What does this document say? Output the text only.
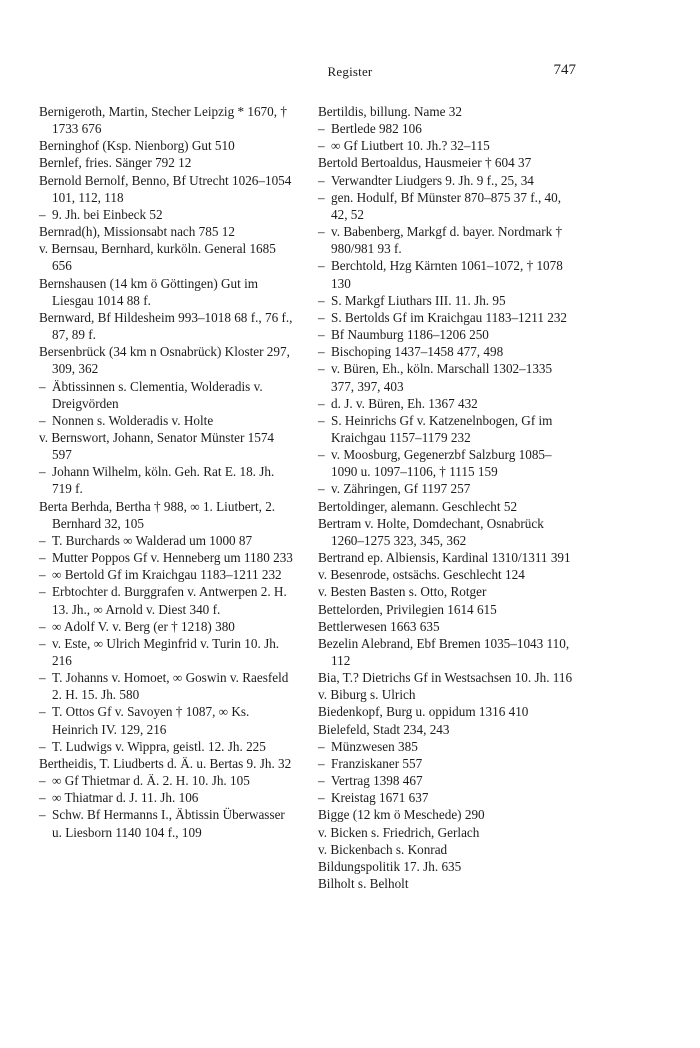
Register	747
Bernigeroth, Martin, Stecher Leipzig * 1670, † 1733 676
Berninghof (Ksp. Nienborg) Gut 510
Bernlef, fries. Sänger 792 12
Bernold Bernolf, Benno, Bf Utrecht 1026–1054 101, 112, 118
– 9. Jh. bei Einbeck 52
Bernrad(h), Missionsabt nach 785 12
v. Bernsau, Bernhard, kurköln. General 1685 656
Bernshausen (14 km ö Göttingen) Gut im Liesgau 1014 88 f.
Bernward, Bf Hildesheim 993–1018 68 f., 76 f., 87, 89 f.
Bersenbrück (34 km n Osnabrück) Kloster 297, 309, 362
– Äbtissinnen s. Clementia, Wolderadis v. Dreigvörden
– Nonnen s. Wolderadis v. Holte
v. Bernswort, Johann, Senator Münster 1574 597
– Johann Wilhelm, köln. Geh. Rat E. 18. Jh. 719 f.
Berta Berhda, Bertha † 988, ∞ 1. Liutbert, 2. Bernhard 32, 105
– T. Burchards ∞ Walderad um 1000 87
– Mutter Poppos Gf v. Henneberg um 1180 233
– ∞ Bertold Gf im Kraichgau 1183–1211 232
– Erbtochter d. Burggrafen v. Antwerpen 2. H. 13. Jh., ∞ Arnold v. Diest 340 f.
– ∞ Adolf V. v. Berg (er † 1218) 380
– v. Este, ∞ Ulrich Meginfrid v. Turin 10. Jh. 216
– T. Johanns v. Homoet, ∞ Goswin v. Raesfeld 2. H. 15. Jh. 580
– T. Ottos Gf v. Savoyen † 1087, ∞ Ks. Heinrich IV. 129, 216
– T. Ludwigs v. Wippra, geistl. 12. Jh. 225
Bertheidis, T. Liudberts d. Ä. u. Bertas 9. Jh. 32
– ∞ Gf Thietmar d. Ä. 2. H. 10. Jh. 105
– ∞ Thiatmar d. J. 11. Jh. 106
– Schw. Bf Hermanns I., Äbtissin Überwasser u. Liesborn 1140 104 f., 109
Bertildis, billung. Name 32
– Bertlede 982 106
– ∞ Gf Liutbert 10. Jh.? 32–115
Bertold Bertoaldus, Hausmeier † 604 37
– Verwandter Liudgers 9. Jh. 9 f., 25, 34
– gen. Hodulf, Bf Münster 870–875 37 f., 40, 42, 52
– v. Babenberg, Markgf d. bayer. Nordmark † 980/981 93 f.
– Berchtold, Hzg Kärnten 1061–1072, † 1078 130
– S. Markgf Liuthars III. 11. Jh. 95
– S. Bertolds Gf im Kraichgau 1183–1211 232
– Bf Naumburg 1186–1206 250
– Bischoping 1437–1458 477, 498
– v. Büren, Eh., köln. Marschall 1302–1335 377, 397, 403
– d. J. v. Büren, Eh. 1367 432
– S. Heinrichs Gf v. Katzenelnbogen, Gf im Kraichgau 1157–1179 232
– v. Moosburg, Gegenerzbf Salzburg 1085–1090 u. 1097–1106, † 1115 159
– v. Zähringen, Gf 1197 257
Bertoldinger, alemann. Geschlecht 52
Bertram v. Holte, Domdechant, Osnabrück 1260–1275 323, 345, 362
Bertrand ep. Albiensis, Kardinal 1310/1311 391
v. Besenrode, ostsächs. Geschlecht 124
v. Besten Basten s. Otto, Rotger
Bettelorden, Privilegien 1614 615
Bettlerwesen 1663 635
Bezelin Alebrand, Ebf Bremen 1035–1043 110, 112
Bia, T.? Dietrichs Gf in Westsachsen 10. Jh. 116
v. Biburg s. Ulrich
Biedenkopf, Burg u. oppidum 1316 410
Bielefeld, Stadt 234, 243
– Münzwesen 385
– Franziskaner 557
– Vertrag 1398 467
– Kreistag 1671 637
Bigge (12 km ö Meschede) 290
v. Bicken s. Friedrich, Gerlach
v. Bickenbach s. Konrad
Bildungspolitik 17. Jh. 635
Bilholt s. Belholt
